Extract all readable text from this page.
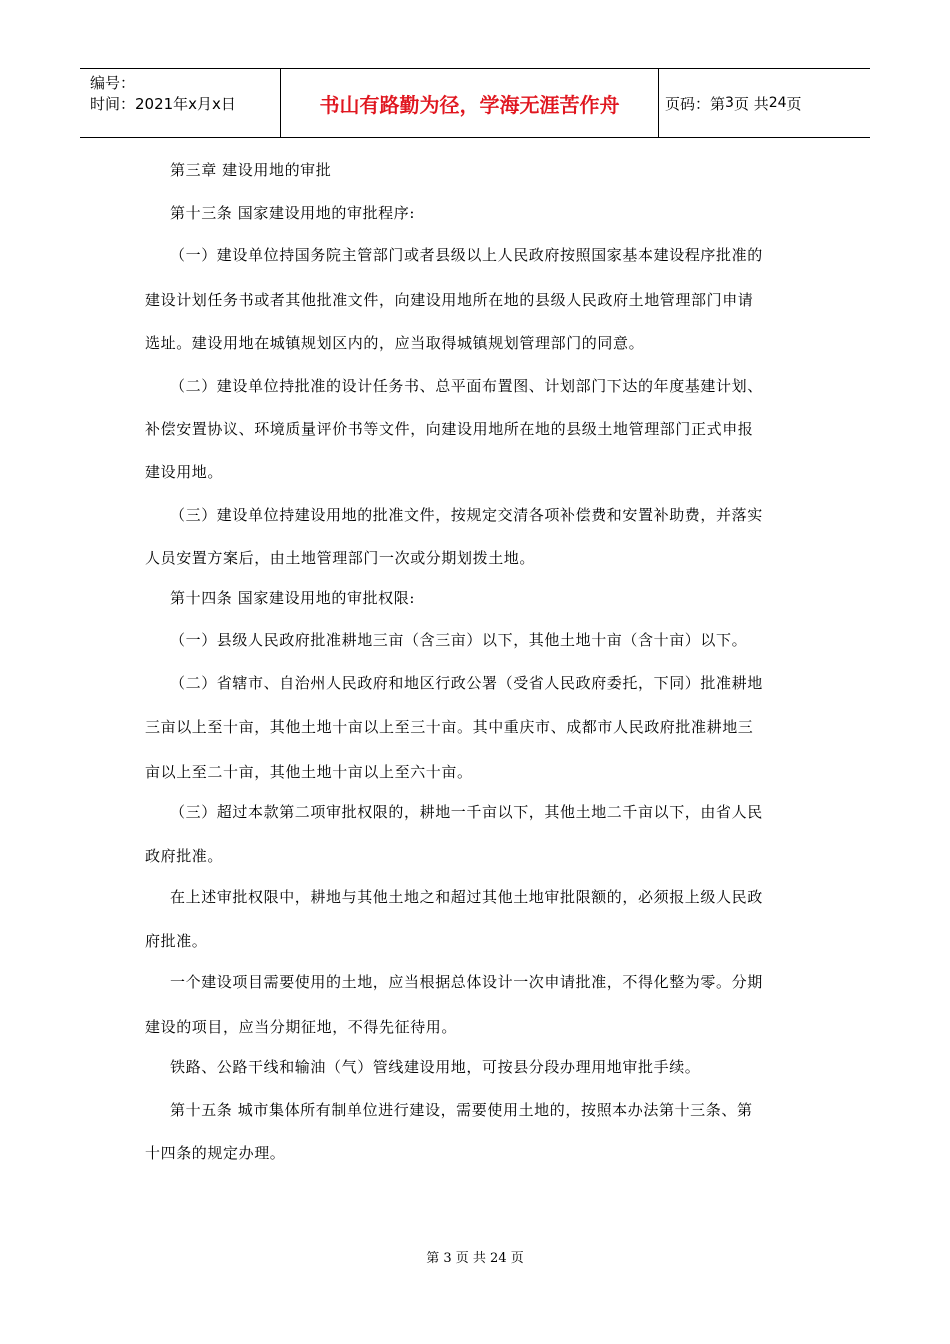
编号：
时间：2021年x月x日	书山有路勤为径，学海无涯苦作舟	页码：第 3 页 共 24 页
第三章 建设用地的审批
第十三条 国家建设用地的审批程序:
（一）建设单位持国务院主管部门或者县级以上人民政府按照国家基本建设程序批准的
建设计划任务书或者其他批准文件，向建设用地所在地的县级人民政府土地管理部门申请
选址。建设用地在城镇规划区内的，应当取得城镇规划管理部门的同意。
（二）建设单位持批准的设计任务书、总平面布置图、计划部门下达的年度基建计划、
补偿安置协议、环境质量评价书等文件，向建设用地所在地的县级土地管理部门正式申报
建设用地。
（三）建设单位持建设用地的批准文件，按规定交清各项补偿费和安置补助费，并落实
人员安置方案后，由土地管理部门一次或分期划拨土地。
第十四条 国家建设用地的审批权限:
（一）县级人民政府批准耕地三亩（含三亩）以下，其他土地十亩（含十亩）以下。
（二）省辖市、自治州人民政府和地区行政公署（受省人民政府委托，下同）批准耕地
三亩以上至十亩，其他土地十亩以上至三十亩。其中重庆市、成都市人民政府批准耕地三
亩以上至二十亩，其他土地十亩以上至六十亩。
（三）超过本款第二项审批权限的，耕地一千亩以下，其他土地二千亩以下，由省人民
政府批准。
在上述审批权限中，耕地与其他土地之和超过其他土地审批限额的，必须报上级人民政
府批准。
一个建设项目需要使用的土地，应当根据总体设计一次申请批准，不得化整为零。分期
建设的项目，应当分期征地，不得先征待用。
铁路、公路干线和输油（气）管线建设用地，可按县分段办理用地审批手续。
第十五条 城市集体所有制单位进行建设，需要使用土地的，按照本办法第十三条、第
十四条的规定办理。
第 3 页 共 24 页
